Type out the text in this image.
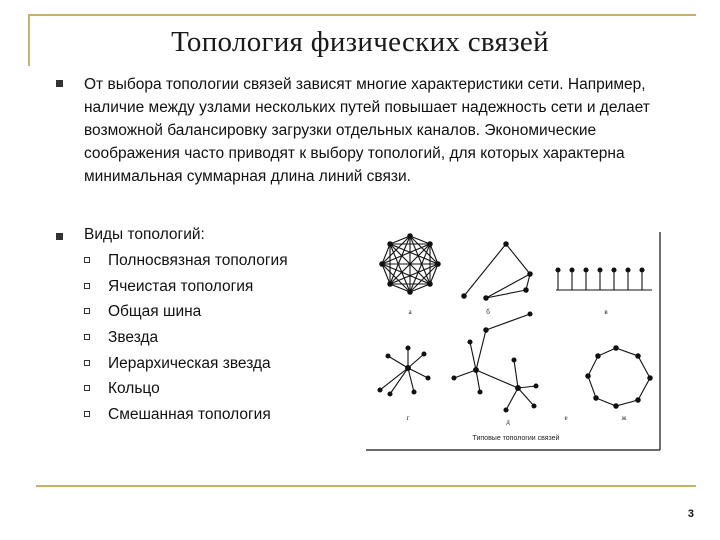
Топология физических связей
От выбора топологии связей зависят многие характеристики сети. Например, наличие между узлами нескольких путей повышает надежность сети и делает возможной балансировку загрузки отдельных каналов. Экономические соображения часто приводят к выбору топологий, для которых характерна минимальная суммарная длина линий связи.
Виды топологий:
Полносвязная топология
Ячеистая топология
Общая шина
Звезда
Иерархическая звезда
Кольцо
Смешанная топология
а	б	в
г	д	е	ж
Типовые топологии связей
3
